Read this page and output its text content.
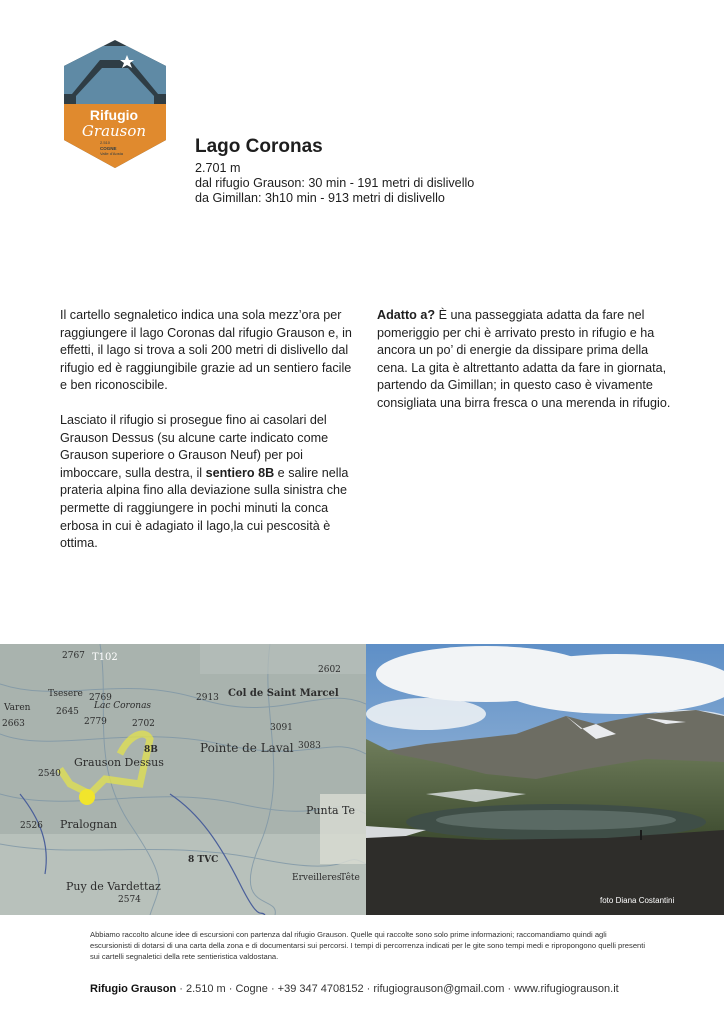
Rifugio
Grauson
2.510
COGNE
Valle d'Aosta	Lago Coronas
2.701 m
dal rifugio Grauson: 30 min - 191 metri di dislivello
da Gimillan: 3h10 min - 913 metri di dislivello

Il cartello segnaletico indica una sola mezz’ora per raggiungere il lago Coronas dal rifugio Grauson e, in effetti, il lago si trova a soli 200 metri di dislivello dal rifugio ed è raggiungibile grazie ad un sentiero facile e ben riconoscibile.

Lasciato il rifugio si prosegue fino ai casolari del Grauson Dessus (su alcune carte indicato come Grauson superiore o Grauson Neuf) per poi imboccare, sulla destra, il sentiero 8B e salire nella prateria alpina fino alla deviazione sulla sinistra che permette di raggiungere in pochi minuti la conca erbosa in cui è adagiato il lago,la cui pescosità è ottima.

Adatto a? È una passeggiata adatta da fare nel pomeriggio per chi è arrivato presto in rifugio e ha ancora un po’ di energie da dissipare prima della cena. La gita è altrettanto adatta da fare in giornata, partendo da Gimillan; in questo caso è vivamente consigliata una birra fresca o una merenda in rifugio.

2767 T102
2602
2769
Tsesere	Col de Saint Marcel
2913
Varen	2645
Lac Coronas
2779	2702
2663	3091
Pointe de Laval 3083
Grauson Dessus
8B
2540
Punta Te
2526 Pralognan
8 TVC
Puy de Vardettaz
2574
Erveilleres
Tête
foto Diana Costantini
Abbiamo raccolto alcune idee di escursioni con partenza dal rifugio Grauson. Quelle qui raccolte sono solo prime informazioni; raccomandiamo quindi agli escursionisti di dotarsi di una carta della zona e di documentarsi sui percorsi. I tempi di percorrenza indicati per le gite sono tempi medi e ripropongono quelli presenti sui cartelli segnaletici della rete sentieristica valdostana.
Rifugio Grauson · 2.510 m · Cogne · +39 347 4708152 · rifugiograuson@gmail.com · www.rifugiograuson.it
